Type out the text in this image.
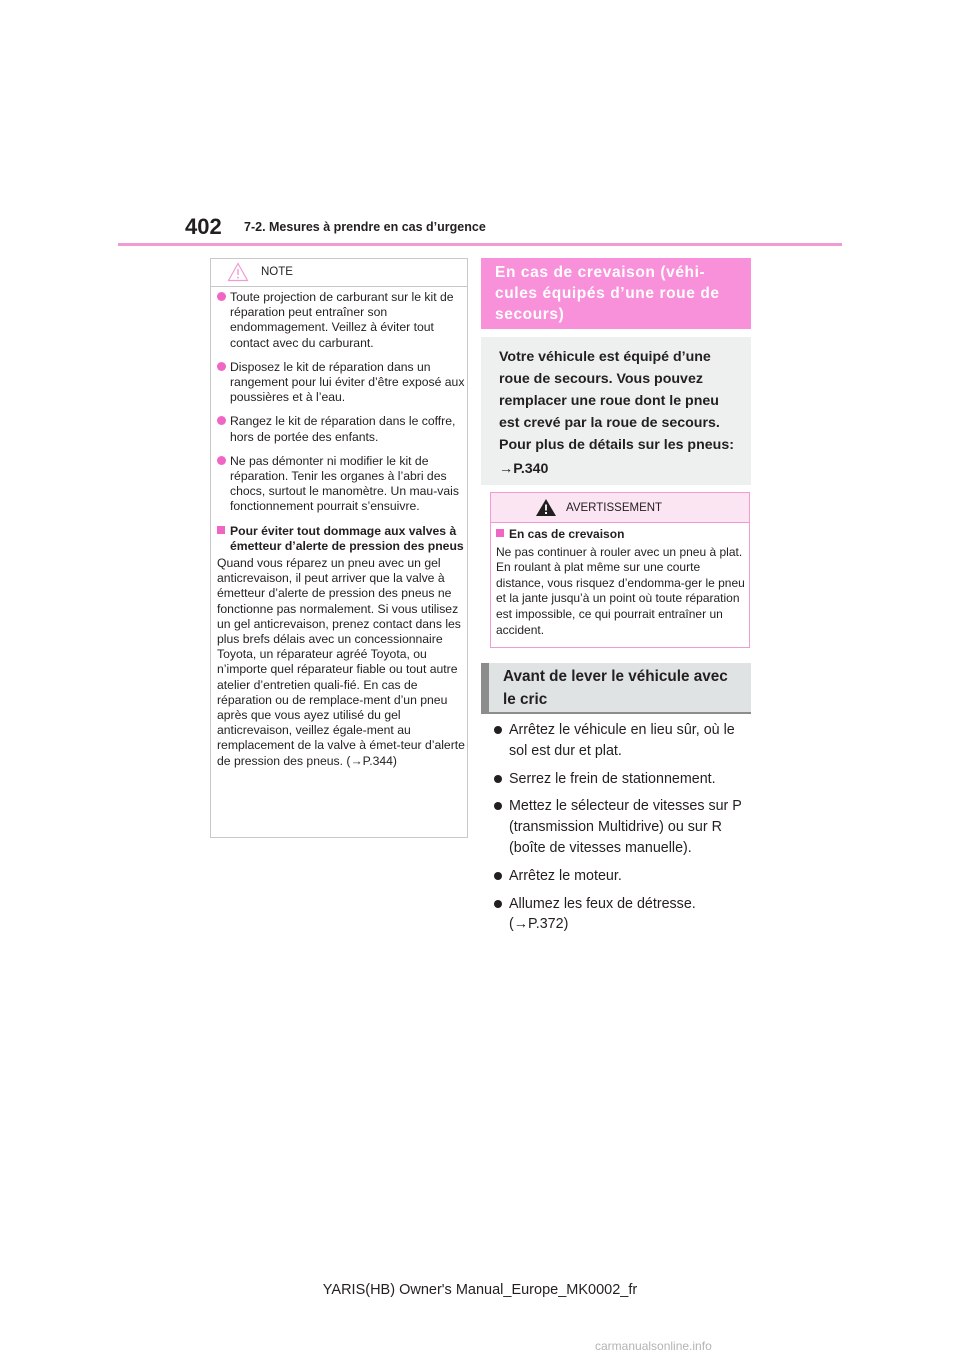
402 7-2. Mesures à prendre en cas d’urgence
NOTE
Toute projection de carburant sur le kit de réparation peut entraîner son endommagement. Veillez à éviter tout contact avec du carburant.
Disposez le kit de réparation dans un rangement pour lui éviter d’être exposé aux poussières et à l’eau.
Rangez le kit de réparation dans le coffre, hors de portée des enfants.
Ne pas démonter ni modifier le kit de réparation. Tenir les organes à l’abri des chocs, surtout le manomètre. Un mau-vais fonctionnement pourrait s’ensuivre.
Pour éviter tout dommage aux valves à émetteur d’alerte de pression des pneus
Quand vous réparez un pneu avec un gel anticrevaison, il peut arriver que la valve à émetteur d’alerte de pression des pneus ne fonctionne pas normalement. Si vous utilisez un gel anticrevaison, prenez contact dans les plus brefs délais avec un concessionnaire Toyota, un réparateur agréé Toyota, ou n’importe quel réparateur fiable ou tout autre atelier d’entretien quali-fié. En cas de réparation ou de remplace-ment d’un pneu après que vous ayez utilisé du gel anticrevaison, veillez égale-ment au remplacement de la valve à émet-teur d’alerte de pression des pneus. (→P.344)
En cas de crevaison (véhi-cules équipés d’une roue de secours)
Votre véhicule est équipé d’une
roue de secours. Vous pouvez
remplacer une roue dont le pneu
est crevé par la roue de secours.
Pour plus de détails sur les pneus:
→P.340
AVERTISSEMENT
En cas de crevaison
Ne pas continuer à rouler avec un pneu à plat. En roulant à plat même sur une courte distance, vous risquez d’endomma-ger le pneu et la jante jusqu’à un point où toute réparation est impossible, ce qui pourrait entraîner un accident.
Avant de lever le véhicule avec le cric
Arrêtez le véhicule en lieu sûr, où le sol est dur et plat.
Serrez le frein de stationnement.
Mettez le sélecteur de vitesses sur P (transmission Multidrive) ou sur R (boîte de vitesses manuelle).
Arrêtez le moteur.
Allumez les feux de détresse. (→P.372)
YARIS(HB) Owner's Manual_Europe_MK0002_fr
carmanualsonline.info
